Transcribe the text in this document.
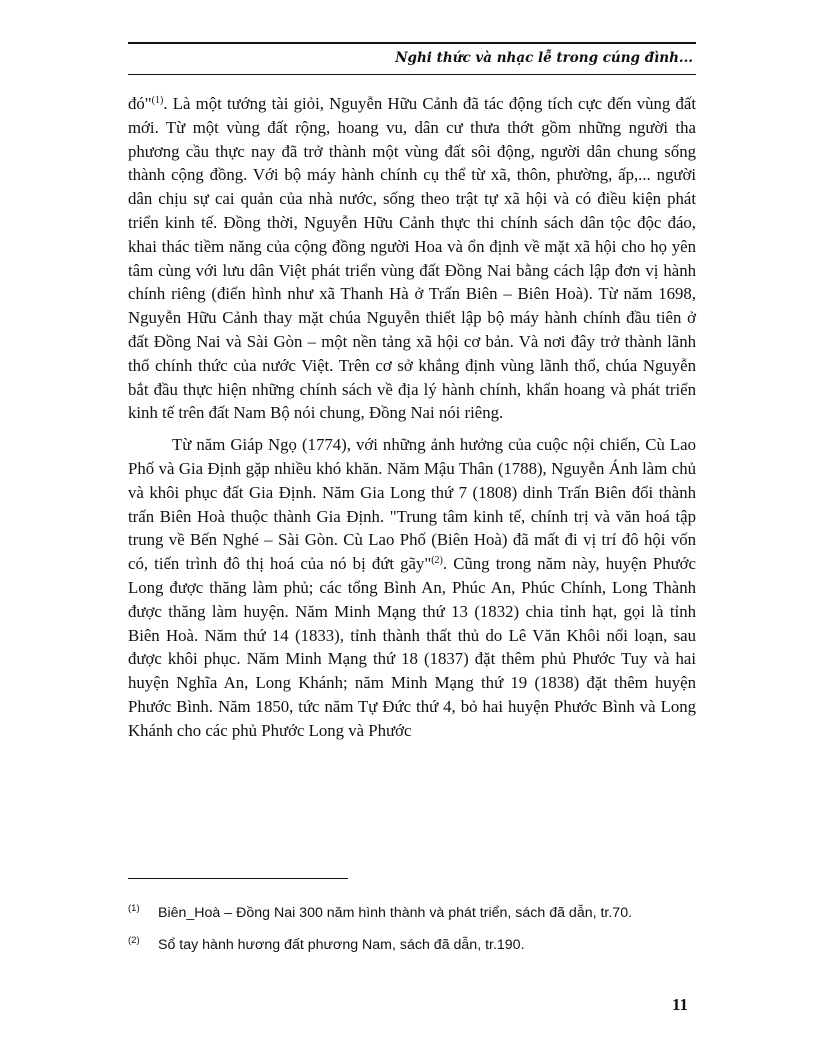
Nghi thức và nhạc lễ trong cúng đình...

đó"$^{(1)}$. Là một tướng tài giỏi, Nguyễn Hữu Cảnh đã tác động tích cực đến vùng đất mới. Từ một vùng đất rộng, hoang vu, dân cư thưa thớt gồm những người tha phương cầu thực nay đã trở thành một vùng đất sôi động, người dân chung sống thành cộng đồng. Với bộ máy hành chính cụ thể từ xã, thôn, phường, ấp,... người dân chịu sự cai quản của nhà nước, sống theo trật tự xã hội và có điều kiện phát triển kinh tế. Đồng thời, Nguyễn Hữu Cảnh thực thi chính sách dân tộc độc đáo, khai thác tiềm năng của cộng đồng người Hoa và ổn định về mặt xã hội cho họ yên tâm cùng với lưu dân Việt phát triển vùng đất Đồng Nai bằng cách lập đơn vị hành chính riêng (điển hình như xã Thanh Hà ở Trấn Biên – Biên Hoà). Từ năm 1698, Nguyễn Hữu Cảnh thay mặt chúa Nguyễn thiết lập bộ máy hành chính đầu tiên ở đất Đồng Nai và Sài Gòn – một nền tảng xã hội cơ bản. Và nơi đây trở thành lãnh thổ chính thức của nước Việt. Trên cơ sở khẳng định vùng lãnh thổ, chúa Nguyễn bắt đầu thực hiện những chính sách về địa lý hành chính, khẩn hoang và phát triển kinh tế trên đất Nam Bộ nói chung, Đồng Nai nói riêng.

Từ năm Giáp Ngọ (1774), với những ảnh hưởng của cuộc nội chiến, Cù Lao Phố và Gia Định gặp nhiều khó khăn. Năm Mậu Thân (1788), Nguyễn Ánh làm chủ và khôi phục đất Gia Định. Năm Gia Long thứ 7 (1808) dinh Trấn Biên đổi thành trấn Biên Hoà thuộc thành Gia Định. "Trung tâm kinh tế, chính trị và văn hoá tập trung về Bến Nghé – Sài Gòn. Cù Lao Phố (Biên Hoà) đã mất đi vị trí đô hội vốn có, tiến trình đô thị hoá của nó bị đứt gãy"$^{(2)}$. Cũng trong năm này, huyện Phước Long được thăng làm phủ; các tổng Bình An, Phúc An, Phúc Chính, Long Thành được thăng làm huyện. Năm Minh Mạng thứ 13 (1832) chia tỉnh hạt, gọi là tỉnh Biên Hoà. Năm thứ 14 (1833), tỉnh thành thất thủ do Lê Văn Khôi nổi loạn, sau được khôi phục. Năm Minh Mạng thứ 18 (1837) đặt thêm phủ Phước Tuy và hai huyện Nghĩa An, Long Khánh; năm Minh Mạng thứ 19 (1838) đặt thêm huyện Phước Bình. Năm 1850, tức năm Tự Đức thứ 4, bỏ hai huyện Phước Bình và Long Khánh cho các phủ Phước Long và Phước

(1) Biên_Hoà – Đồng Nai 300 năm hình thành và phát triển, sách đã dẫn, tr.70.
(2) Sổ tay hành hương đất phương Nam, sách đã dẫn, tr.190.
11
